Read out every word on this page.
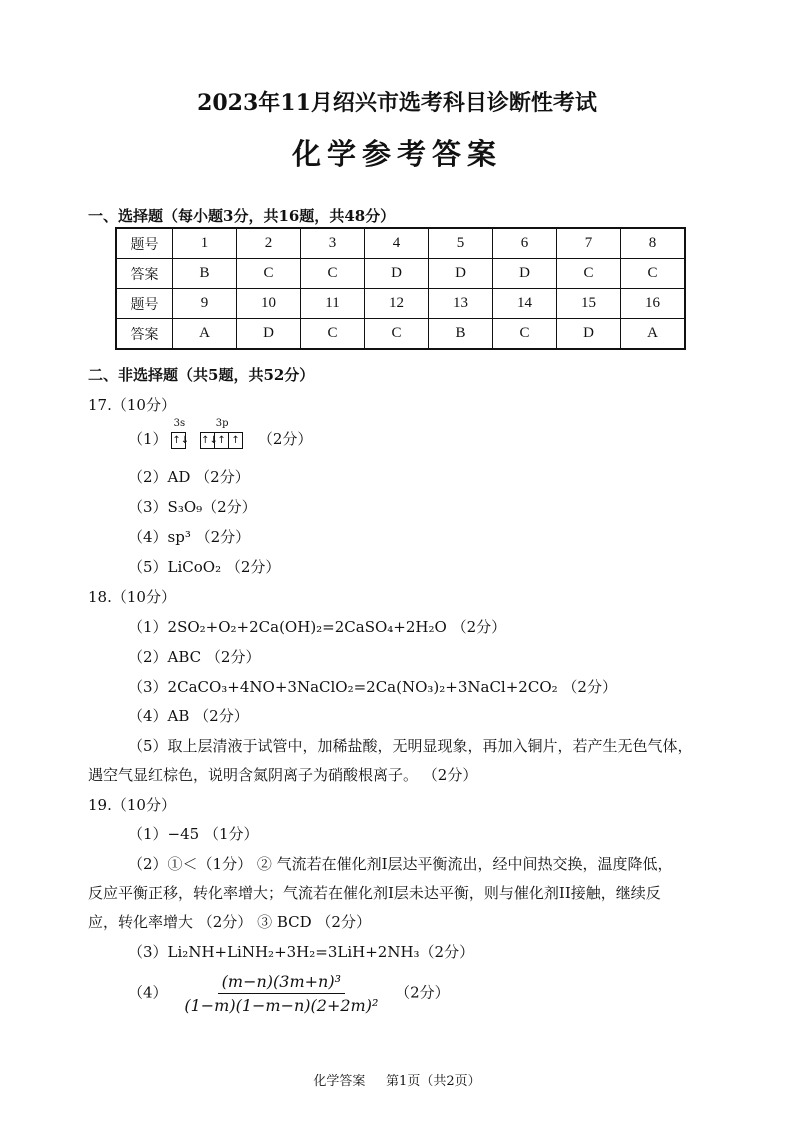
2023年11月绍兴市选考科目诊断性考试
化学参考答案
一、选择题（每小题3分，共16题，共48分）
题号	1	2	3	4	5	6	7	8
答案	B	C	C	D	D	D	C	C
题号	9	10	11	12	13	14	15	16
答案	A	D	C	C	B	C	D	A
二、非选择题（共5题，共52分）
17.（10分）
（1）
3s
↑↓

3p
↑↓ ↑ ↑ （2分）
（2）AD （2分）
（3）S₃O₉（2分）
（4）sp³ （2分）
（5）LiCoO₂ （2分）
18.（10分）
（1）2SO₂+O₂+2Ca(OH)₂=2CaSO₄+2H₂O （2分）
（2）ABC （2分）
（3）2CaCO₃+4NO+3NaClO₂=2Ca(NO₃)₂+3NaCl+2CO₂ （2分）
（4）AB （2分）
（5）取上层清液于试管中，加稀盐酸，无明显现象，再加入铜片，若产生无色气体，
遇空气显红棕色，说明含氮阴离子为硝酸根离子。 （2分）
19.（10分）
（1）−45 （1分）
（2）①＜（1分） ② 气流若在催化剂I层达平衡流出，经中间热交换，温度降低，
反应平衡正移，转化率增大；气流若在催化剂I层未达平衡，则与催化剂II接触，继续反
应，转化率增大 （2分） ③ BCD （2分）
（3）Li₂NH+LiNH₂+3H₂=3LiH+2NH₃（2分）
$(4) \frac{\text{(m−n)(3m+n)³}}{\text{(1−m)(1−m−n)(2+2m)²}} (2$分）
化学答案     第1页（共2页）
